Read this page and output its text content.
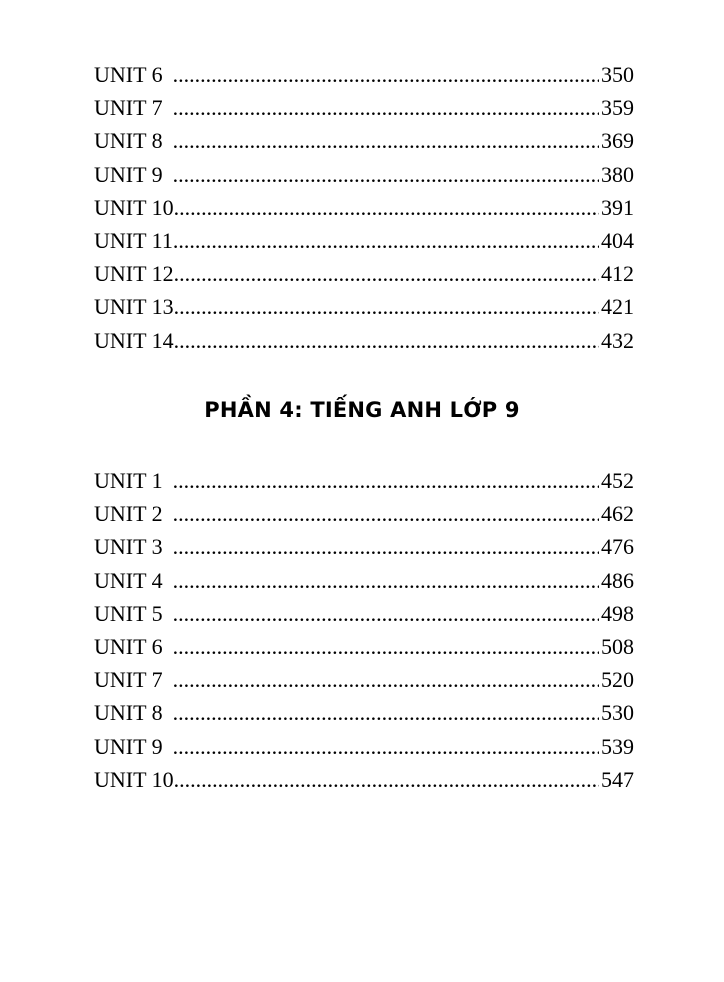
UNIT 6 .....	350
UNIT 7 .....	359
UNIT 8 .....	369
UNIT 9 .....	380
UNIT 10 .....	391
UNIT 11 .....	404
UNIT 12 .....	412
UNIT 13 .....	421
UNIT 14 .....	432
PHẦN 4: TIẾNG ANH LỚP 9
UNIT 1 .....	452
UNIT 2 .....	462
UNIT 3 .....	476
UNIT 4 .....	486
UNIT 5 .....	498
UNIT 6 .....	508
UNIT 7 .....	520
UNIT 8 .....	530
UNIT 9 .....	539
UNIT 10 .....	547
